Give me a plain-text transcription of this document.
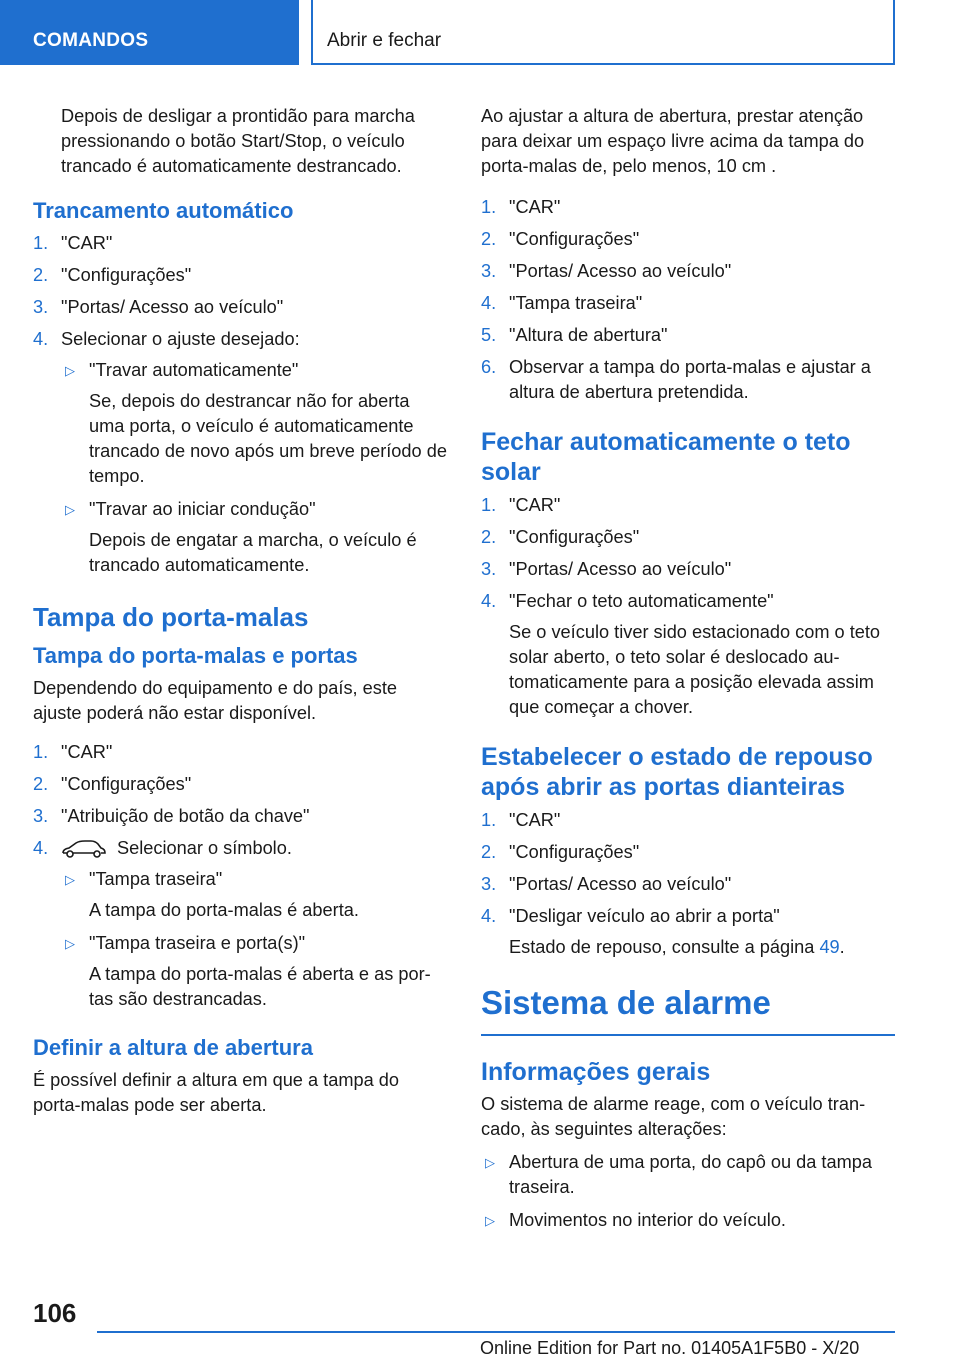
COMANDOS	Abrir e fechar

Depois de desligar a prontidão para marcha pressionando o botão Start/Stop, o veículo trancado é automaticamente destrancado.

Trancamento automático
1. "CAR"
2. "Configurações"
3. "Portas/ Acesso ao veículo"
4. Selecionar o ajuste desejado:
▷ "Travar automaticamente"
Se, depois do destrancar não for aberta uma porta, o veículo é automaticamente trancado de novo após um breve período de tempo.
▷ "Travar ao iniciar condução"
Depois de engatar a marcha, o veículo é trancado automaticamente.
Tampa do porta-malas
Tampa do porta-malas e portas

Dependendo do equipamento e do país, este ajuste poderá não estar disponível.

1. "CAR"
2. "Configurações"
3. "Atribuição de botão da chave"
4.	Selecionar o símbolo.
▷ "Tampa traseira"
A tampa do porta-malas é aberta.
▷ "Tampa traseira e porta(s)"
A tampa do porta-malas é aberta e as por-tas são destrancadas.
Definir a altura de abertura

É possível definir a altura em que a tampa do porta-malas pode ser aberta.

Ao ajustar a altura de abertura, prestar atenção para deixar um espaço livre acima da tampa do porta-malas de, pelo menos, 10 cm .

1. "CAR"
2. "Configurações"
3. "Portas/ Acesso ao veículo"
4. "Tampa traseira"
5. "Altura de abertura"
6. Observar a tampa do porta-malas e ajustar a altura de abertura pretendida.
Fechar automaticamente o teto solar
1. "CAR"
2. "Configurações"
3. "Portas/ Acesso ao veículo"
4. "Fechar o teto automaticamente"
Se o veículo tiver sido estacionado com o teto solar aberto, o teto solar é deslocado au-tomaticamente para a posição elevada assim que começar a chover.
Estabelecer o estado de repouso após abrir as portas dianteiras
1. "CAR"
2. "Configurações"
3. "Portas/ Acesso ao veículo"
4. "Desligar veículo ao abrir a porta"
Estado de repouso, consulte a página 49.
Sistema de alarme
Informações gerais

O sistema de alarme reage, com o veículo tran-cado, às seguintes alterações:

▷ Abertura de uma porta, do capô ou da tampa traseira.
▷ Movimentos no interior do veículo.
106
Online Edition for Part no. 01405A1F5B0 - X/20
